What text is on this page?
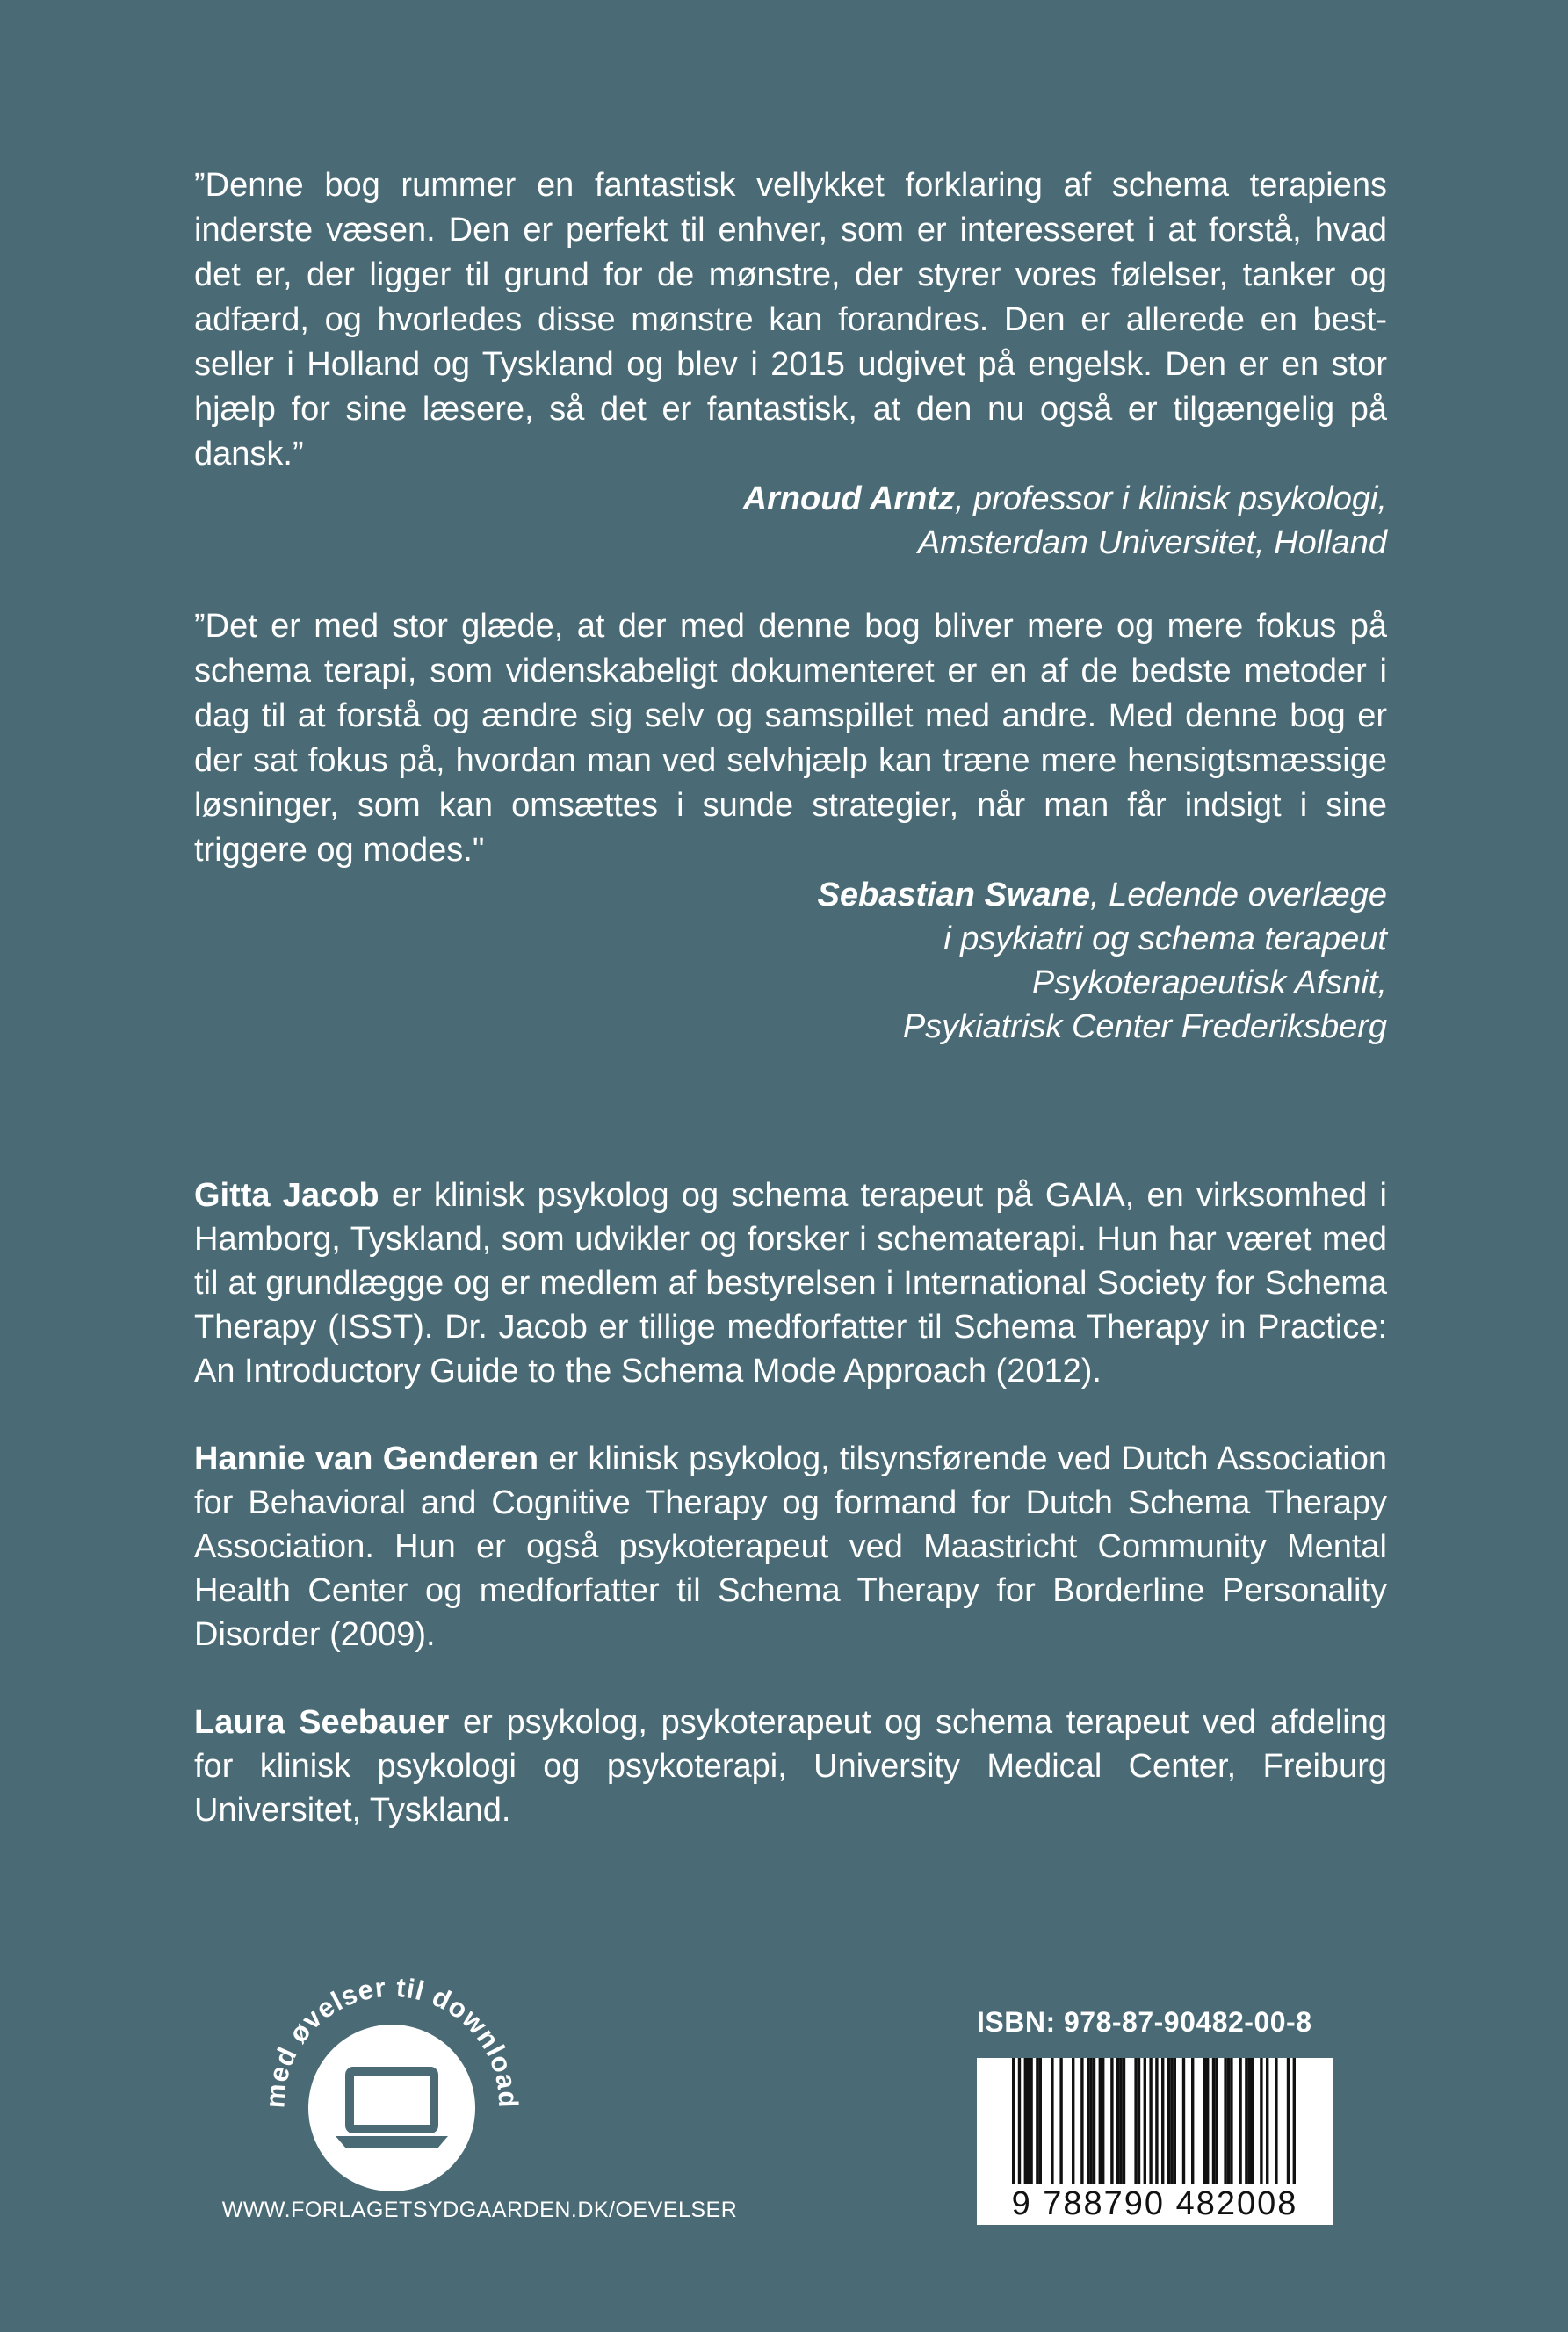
”Denne bog rummer en fantastisk vellykket forklaring af schema terapiens inderste væsen. Den er perfekt til enhver, som er interesseret i at forstå, hvad det er, der ligger til grund for de mønstre, der styrer vores følelser, tanker og adfærd, og hvorledes disse mønstre kan forandres. Den er allerede en bestseller i Holland og Tyskland og blev i 2015 udgivet på engelsk. Den er en stor hjælp for sine læsere, så det er fantastisk, at den nu også er tilgængelig på dansk.”

Arnoud Arntz, professor i klinisk psykologi,
Amsterdam Universitet, Holland

”Det er med stor glæde, at der med denne bog bliver mere og mere fokus på schema terapi, som videnskabeligt dokumenteret er en af de bedste metoder i dag til at forstå og ændre sig selv og samspillet med andre. Med denne bog er der sat fokus på, hvordan man ved selvhjælp kan træne mere hensigtsmæssige løsninger, som kan omsættes i sunde strategier, når man får indsigt i sine triggere og modes."

Sebastian Swane, Ledende overlæge
i psykiatri og schema terapeut
Psykoterapeutisk Afsnit,
Psykiatrisk Center Frederiksberg

Gitta Jacob er klinisk psykolog og schema terapeut på GAIA, en virksomhed i Hamborg, Tyskland, som udvikler og forsker i schematerapi. Hun har været med til at grundlægge og er medlem af bestyrelsen i International Society for Schema Therapy (ISST). Dr. Jacob er tillige medforfatter til Schema Therapy in Practice: An Introductory Guide to the Schema Mode Approach (2012).

Hannie van Genderen er klinisk psykolog, tilsynsførende ved Dutch Association for Behavioral and Cognitive Therapy og formand for Dutch Schema Therapy Association. Hun er også psykoterapeut ved Maastricht Community Mental Health Center og medforfatter til Schema Therapy for Borderline Personality Disorder (2009).

Laura Seebauer er psykolog, psykoterapeut og schema terapeut ved afdeling for klinisk psykologi og psykoterapi, University Medical Center, Freiburg Universitet, Tyskland.

med øvelser til download
WWW.FORLAGETSYDGAARDEN.DK/OEVELSER
ISBN: 978-87-90482-00-8
9 788790 482008
